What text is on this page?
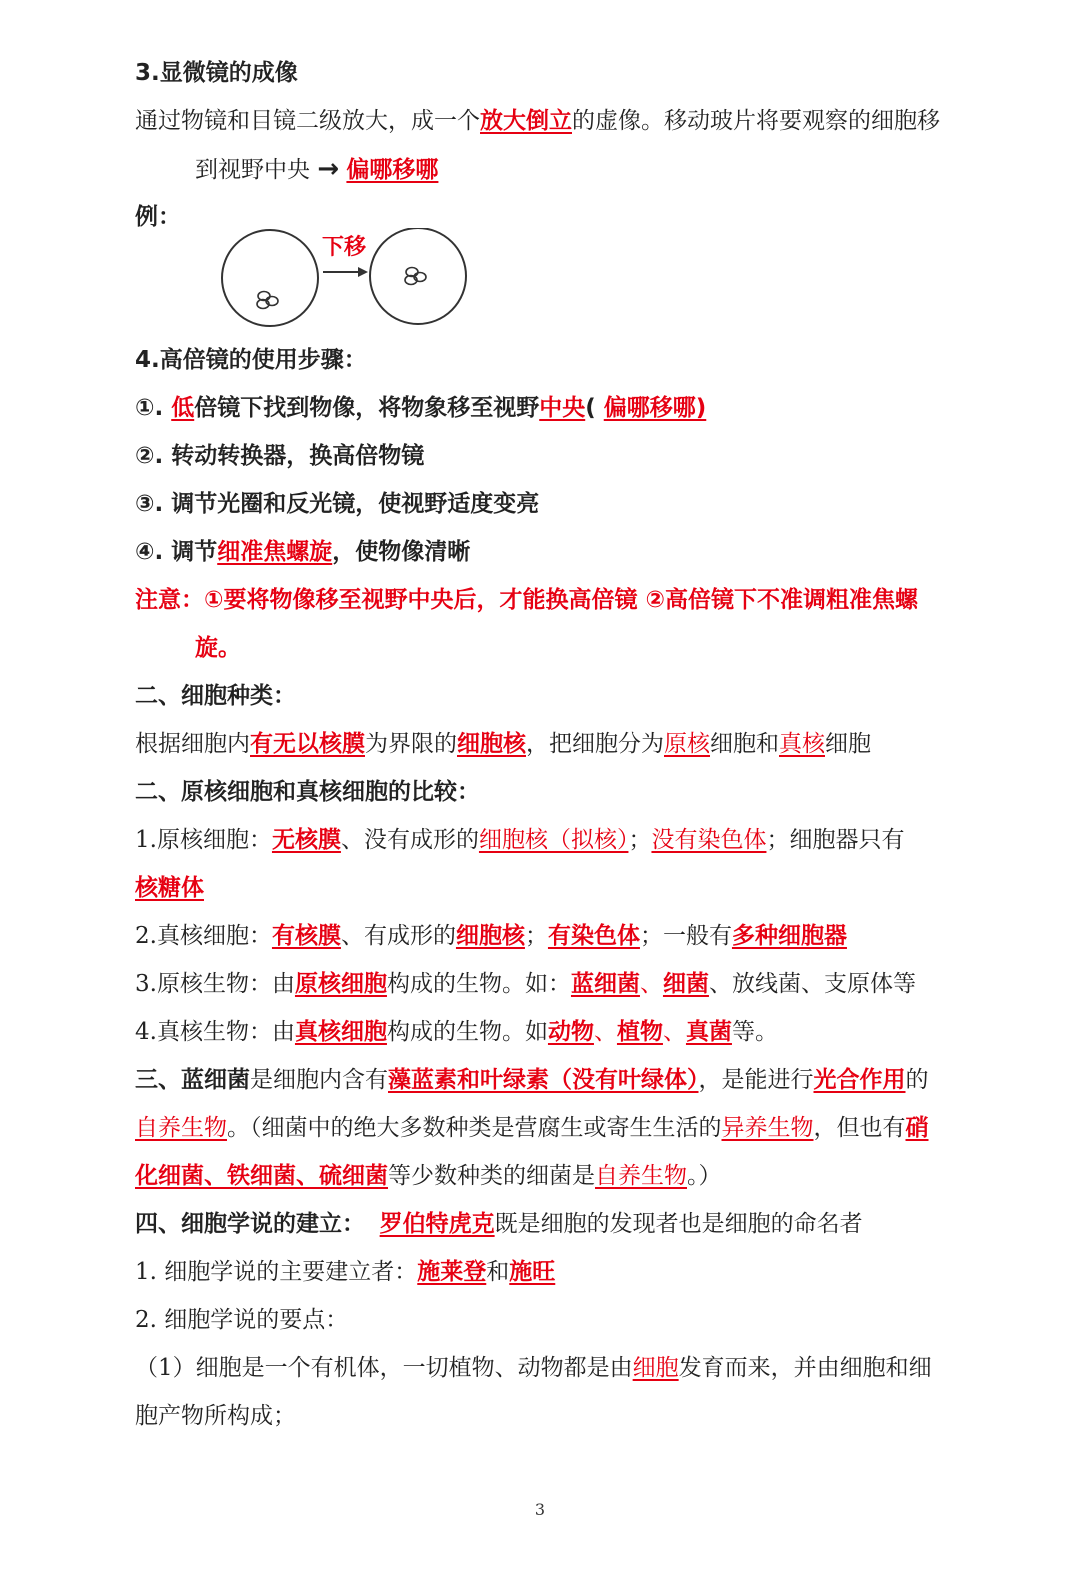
3.显微镜的成像
通过物镜和目镜二级放大，成一个放大倒立的虚像。移动玻片将要观察的细胞移
到视野中央 → 偏哪移哪
例：
下移
4.高倍镜的使用步骤：
①. 低倍镜下找到物像，将物象移至视野中央( 偏哪移哪)
②. 转动转换器，换高倍物镜
③. 调节光圈和反光镜，使视野适度变亮
④. 调节细准焦螺旋，使物像清晰
注意：①要将物像移至视野中央后，才能换高倍镜 ②高倍镜下不准调粗准焦螺
旋。
二、细胞种类：
根据细胞内有无以核膜为界限的细胞核，把细胞分为原核细胞和真核细胞
二、原核细胞和真核细胞的比较：
1.原核细胞：无核膜、没有成形的细胞核（拟核）；没有染色体；细胞器只有
核糖体
2.真核细胞：有核膜、有成形的细胞核；有染色体；一般有多种细胞器
3.原核生物：由原核细胞构成的生物。如：蓝细菌、细菌、放线菌、支原体等
4.真核生物：由真核细胞构成的生物。如动物、植物、真菌等。
三、蓝细菌是细胞内含有藻蓝素和叶绿素（没有叶绿体），是能进行光合作用的
自养生物。（细菌中的绝大多数种类是营腐生或寄生生活的异养生物，但也有硝
化细菌、铁细菌、硫细菌等少数种类的细菌是自养生物。）
四、细胞学说的建立： 罗伯特虎克既是细胞的发现者也是细胞的命名者
1. 细胞学说的主要建立者：施莱登和施旺
2. 细胞学说的要点：
（1）细胞是一个有机体，一切植物、动物都是由细胞发育而来，并由细胞和细
胞产物所构成；
3
